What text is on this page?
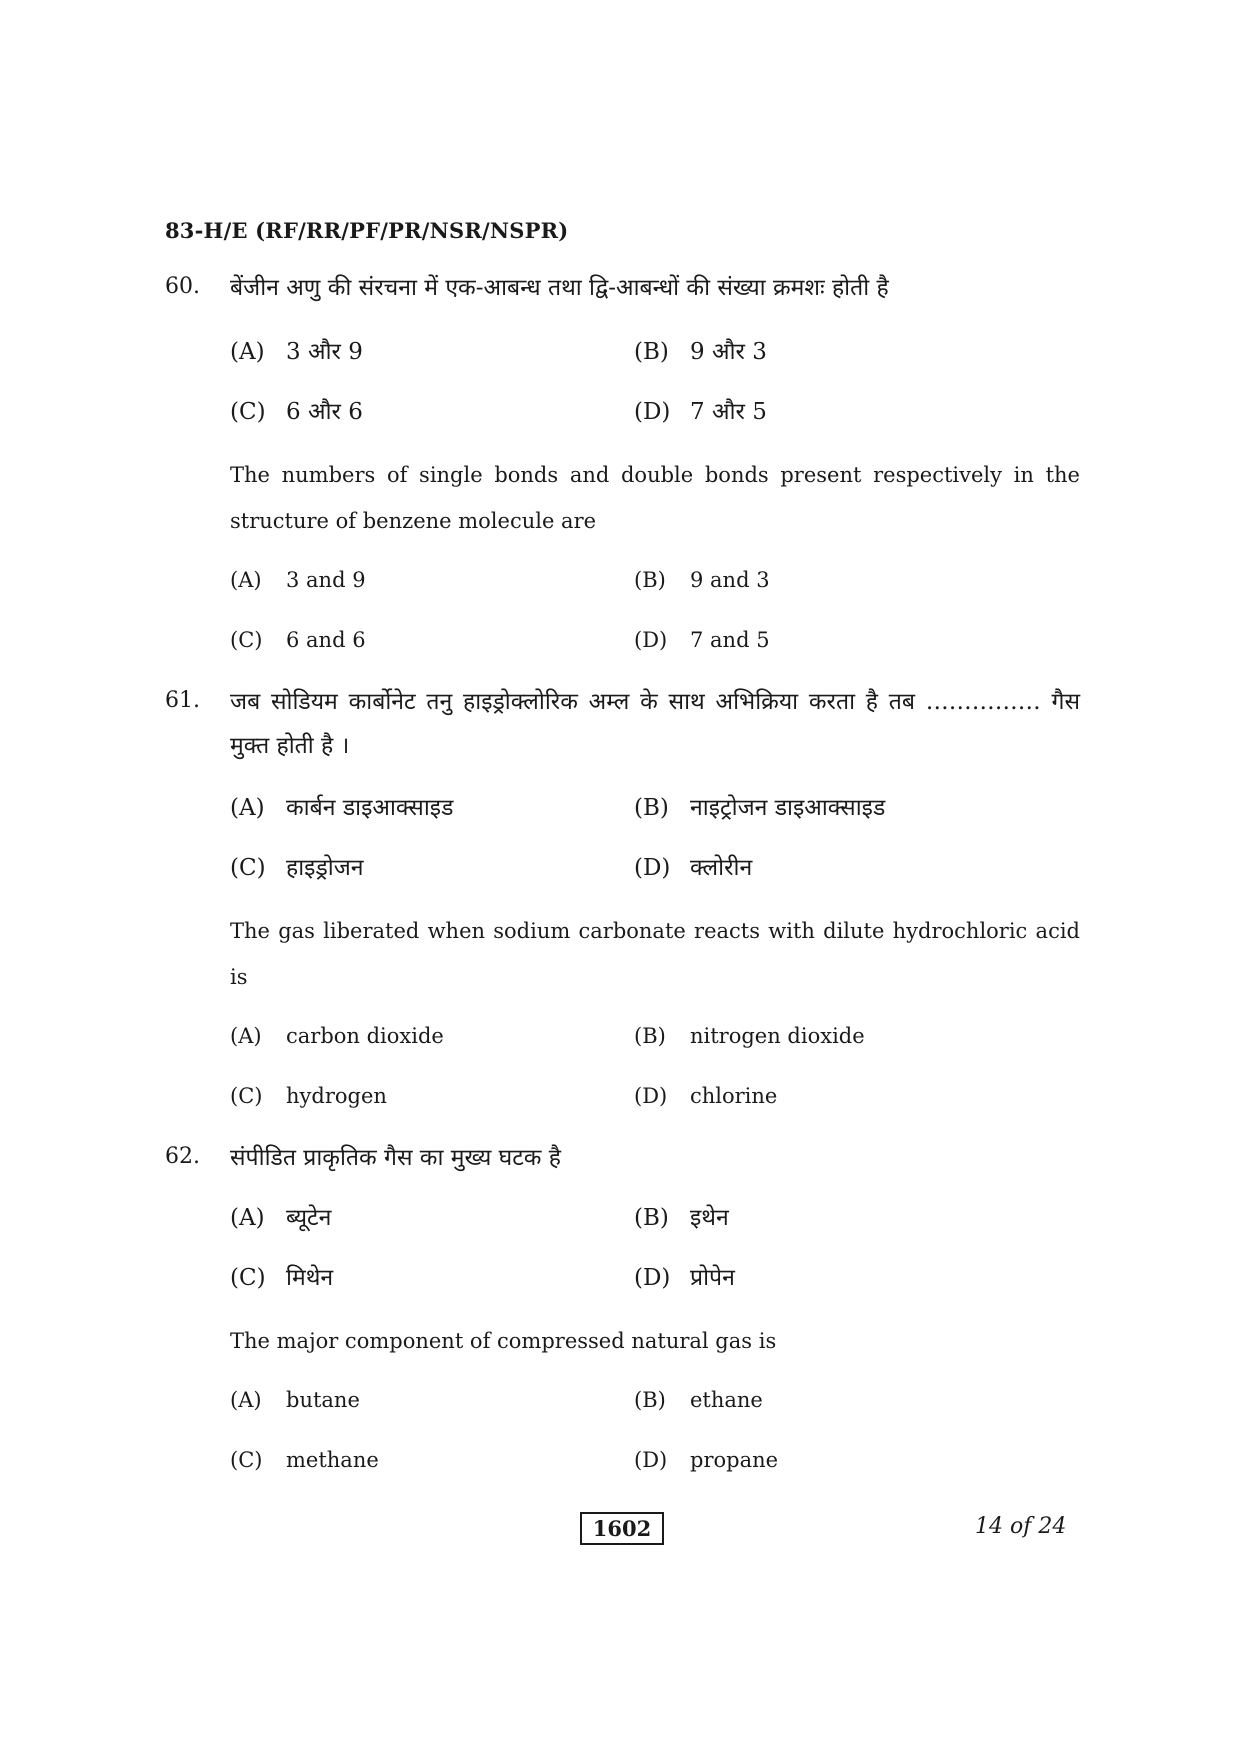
83-H/E (RF/RR/PF/PR/NSR/NSPR)
60. बेंजीन अणु की संरचना में एक-आबन्ध तथा द्वि-आबन्धों की संख्या क्रमशः होती है
(A) 3 और 9	(B) 9 और 3
(C) 6 और 6	(D) 7 और 5
The numbers of single bonds and double bonds present respectively in the structure of benzene molecule are
(A) 3 and 9	(B) 9 and 3
(C) 6 and 6	(D) 7 and 5
61. जब सोडियम कार्बोनेट तनु हाइड्रोक्लोरिक अम्ल के साथ अभिक्रिया करता है तब …………… गैस मुक्त होती है ।
(A) कार्बन डाइआक्साइड	(B) नाइट्रोजन डाइआक्साइड
(C) हाइड्रोजन	(D) क्लोरीन
The gas liberated when sodium carbonate reacts with dilute hydrochloric acid is
(A) carbon dioxide	(B) nitrogen dioxide
(C) hydrogen	(D) chlorine
62. संपीडित प्राकृतिक गैस का मुख्य घटक है
(A) ब्यूटेन	(B) इथेन
(C) मिथेन	(D) प्रोपेन
The major component of compressed natural gas is
(A) butane	(B) ethane
(C) methane	(D) propane
1602	14 of 24
